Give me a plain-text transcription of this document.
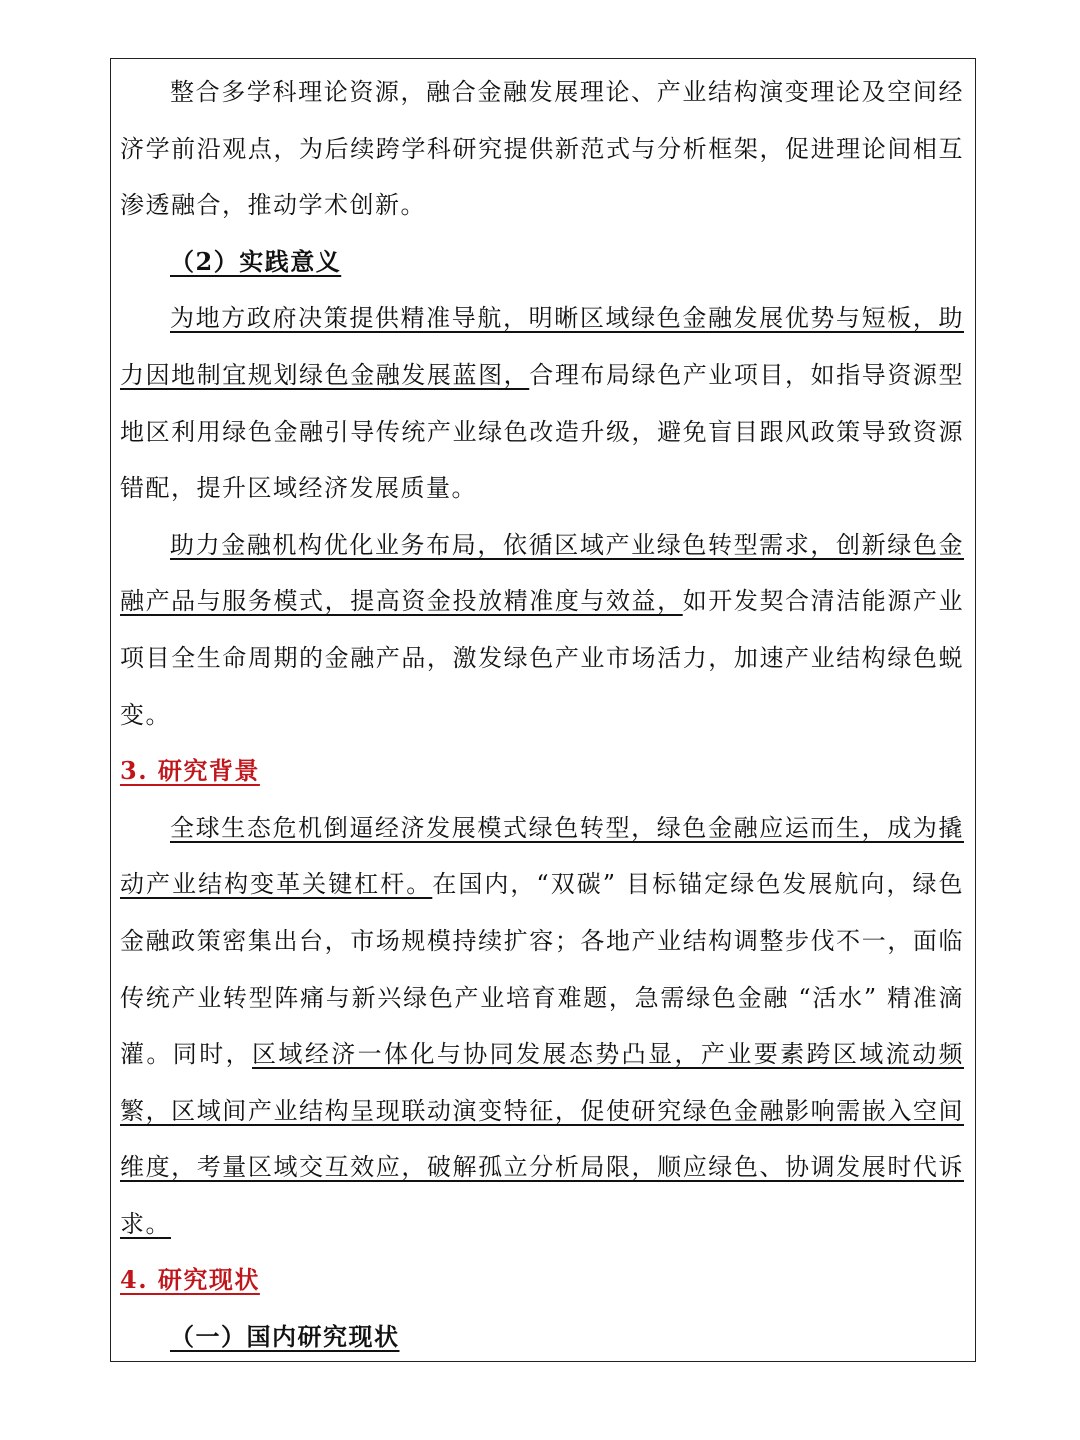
整合多学科理论资源，融合金融发展理论、产业结构演变理论及空间经济学前沿观点，为后续跨学科研究提供新范式与分析框架，促进理论间相互渗透融合，推动学术创新。

（2）实践意义

为地方政府决策提供精准导航，明晰区域绿色金融发展优势与短板，助力因地制宜规划绿色金融发展蓝图，合理布局绿色产业项目，如指导资源型地区利用绿色金融引导传统产业绿色改造升级，避免盲目跟风政策导致资源错配，提升区域经济发展质量。

助力金融机构优化业务布局，依循区域产业绿色转型需求，创新绿色金融产品与服务模式，提高资金投放精准度与效益，如开发契合清洁能源产业项目全生命周期的金融产品，激发绿色产业市场活力，加速产业结构绿色蜕变。

3. 研究背景

全球生态危机倒逼经济发展模式绿色转型，绿色金融应运而生，成为撬动产业结构变革关键杠杆。在国内，“双碳” 目标锚定绿色发展航向，绿色金融政策密集出台，市场规模持续扩容；各地产业结构调整步伐不一，面临传统产业转型阵痛与新兴绿色产业培育难题，急需绿色金融 “活水” 精准滴灌。同时，区域经济一体化与协同发展态势凸显，产业要素跨区域流动频繁，区域间产业结构呈现联动演变特征，促使研究绿色金融影响需嵌入空间维度，考量区域交互效应，破解孤立分析局限，顺应绿色、协调发展时代诉求。

4. 研究现状

（一）国内研究现状
